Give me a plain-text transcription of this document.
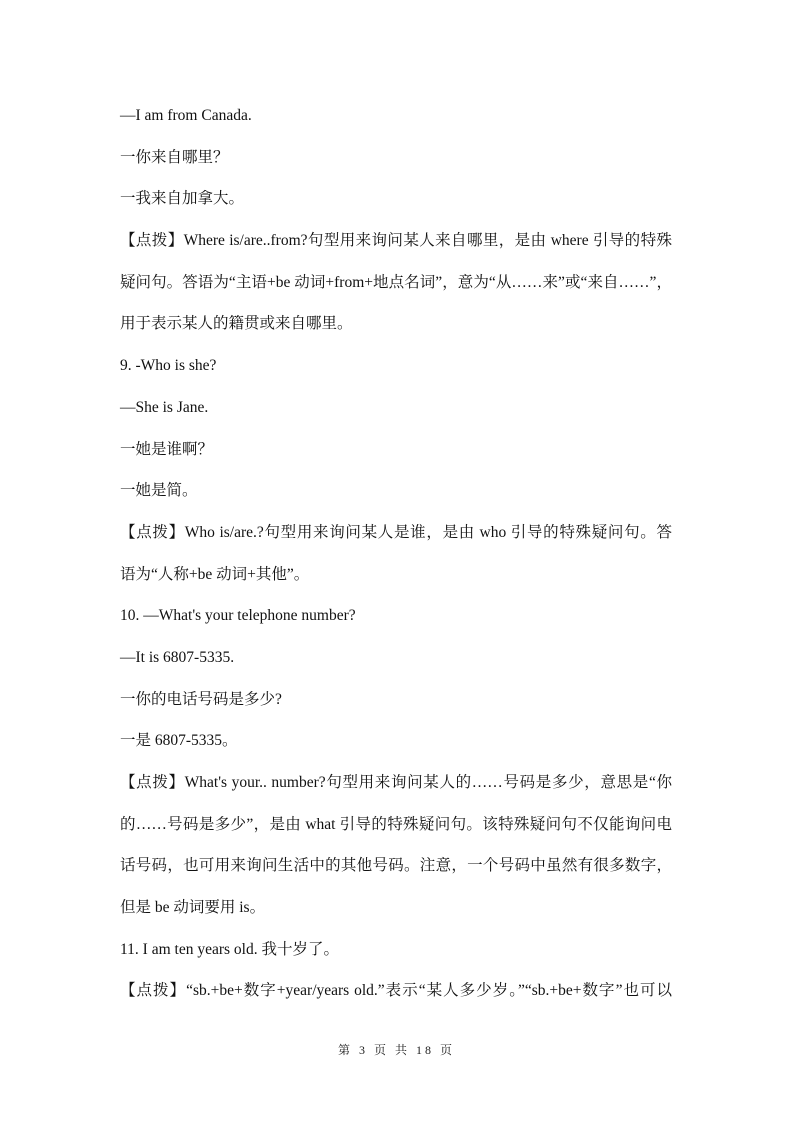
—I am from Canada.
一你来自哪里？
一我来自加拿大。
【点拨】Where is/are..from?句型用来询问某人来自哪里，是由 where 引导的特殊
疑问句。答语为“主语+be 动词+from+地点名词”，意为“从……来”或“来自……”，
用于表示某人的籍贯或来自哪里。
9. -Who is she?
—She is Jane.
一她是谁啊？
一她是简。
【点拨】Who is/are.?句型用来询问某人是谁，是由 who 引导的特殊疑问句。答
语为“人称+be 动词+其他”。
10. —What's your telephone number?
—It is 6807-5335.
一你的电话号码是多少?
一是 6807-5335。
【点拨】What's your.. number?句型用来询问某人的……号码是多少，意思是“你
的……号码是多少”，是由 what 引导的特殊疑问句。该特殊疑问句不仅能询问电
话号码，也可用来询问生活中的其他号码。注意，一个号码中虽然有很多数字，
但是 be 动词要用 is。
11. I am ten years old. 我十岁了。
【点拨】“sb.+be+数字+year/years old.”表示“某人多少岁。”“sb.+be+数字”也可以
第 3 页 共 18 页
